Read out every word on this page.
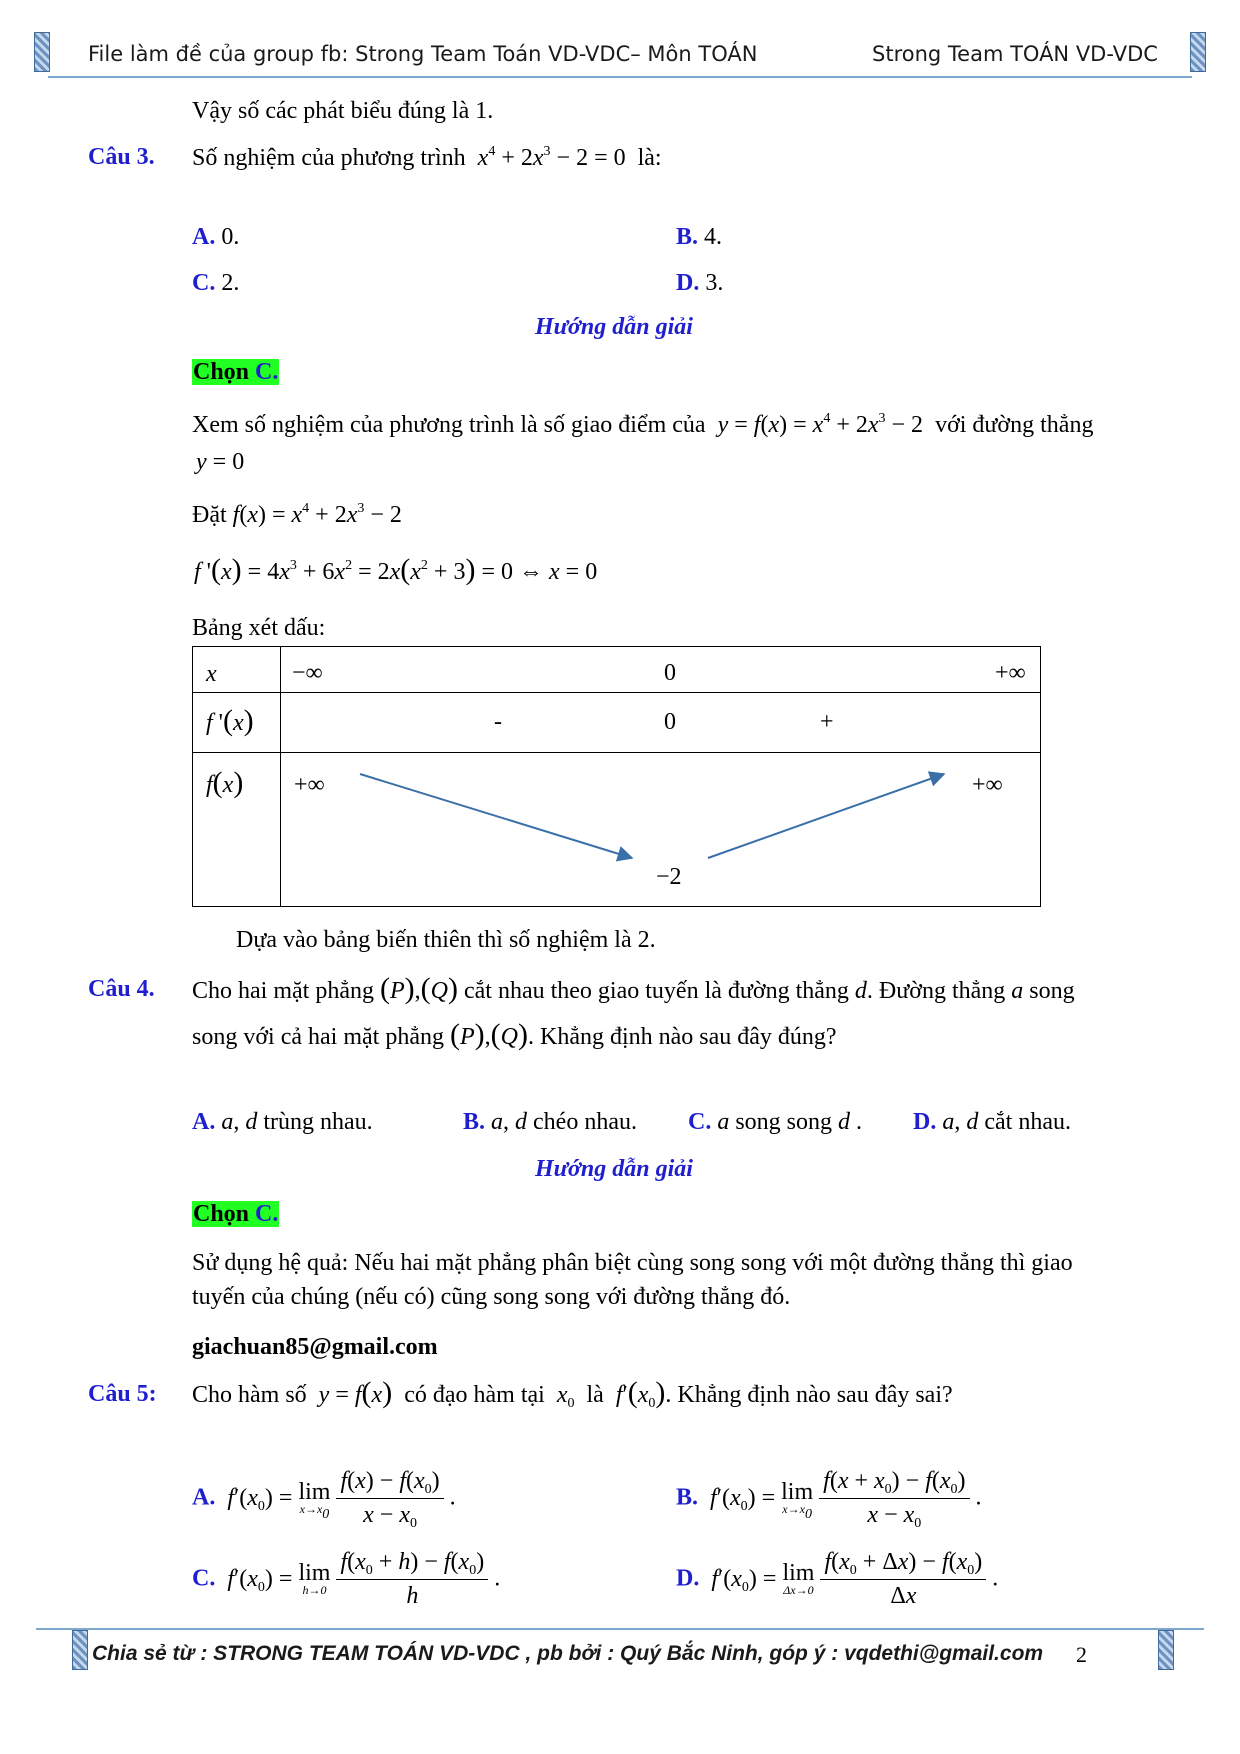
File làm đề của group fb: Strong Team Toán VD-VDC– Môn TOÁN	Strong Team TOÁN VD-VDC
Vậy số các phát biểu đúng là 1.
Câu 3. Số nghiệm của phương trình $x^4 + 2x^3 - 2 = 0$  là:
A. 0.	B. 4.
C. 2.	D. 3.
Hướng dẫn giải
Chọn C.
Xem số nghiệm của phương trình là số giao điểm của $y = f(x) = x^4 + 2x^3 - 2$  với đường thẳng
y = 0
Đặt $f(x) = x^4 + 2x^3 - 2$
f '$(x) = 4x^3 + 6x^2 = 2x(x^2 + 3) = 0$ ⇔ x = 0
Bảng xét dấu:

x	−∞	0	+∞
f '(x)	-	0	+
f(x) +∞	+∞
−2
Dựa vào bảng biến thiên thì số nghiệm là 2.
Câu 4. Cho hai mặt phẳng (P),(Q) cắt nhau theo giao tuyến là đường thẳng d. Đường thẳng a song
song với cả hai mặt phẳng (P),(Q). Khẳng định nào sau đây đúng?
A. a, d trùng nhau.	B. a, d chéo nhau. C. a song song d . D. a, d cắt nhau.
Hướng dẫn giải
Chọn C.
Sử dụng hệ quả: Nếu hai mặt phẳng phân biệt cùng song song với một đường thẳng thì giao
tuyến của chúng (nếu có) cũng song song với đường thẳng đó.
giachuan85@gmail.com
Câu 5: Cho hàm số y = f(x) có đạo hàm tại $x_0$ là $f'(x_0)$. Khẳng định nào sau đây sai?
A. $f'(x_0) = \lim$
$x\to x_0$
$\frac{f(x) - f(x_0)}{x - x_0}$ .	B. $f'(x_0) = \lim$
$x\to x_0$
$\frac{f(x + x_0) - f(x_0)}{x - x_0}$ .
C. $f'(x_0) = \lim$
h→0
$\frac{f(x_0 + h) - f(x_0)}{h}$ .	D. $f'(x_0) = \lim$
Δx→0
$\frac{f(x_0 + \Delta x) - f(x_0)}{\Delta x}$ .
Chia sẻ từ : STRONG TEAM TOÁN VD-VDC , pb bởi : Quý Bắc Ninh, góp ý : vqdethi@gmail.com 2
